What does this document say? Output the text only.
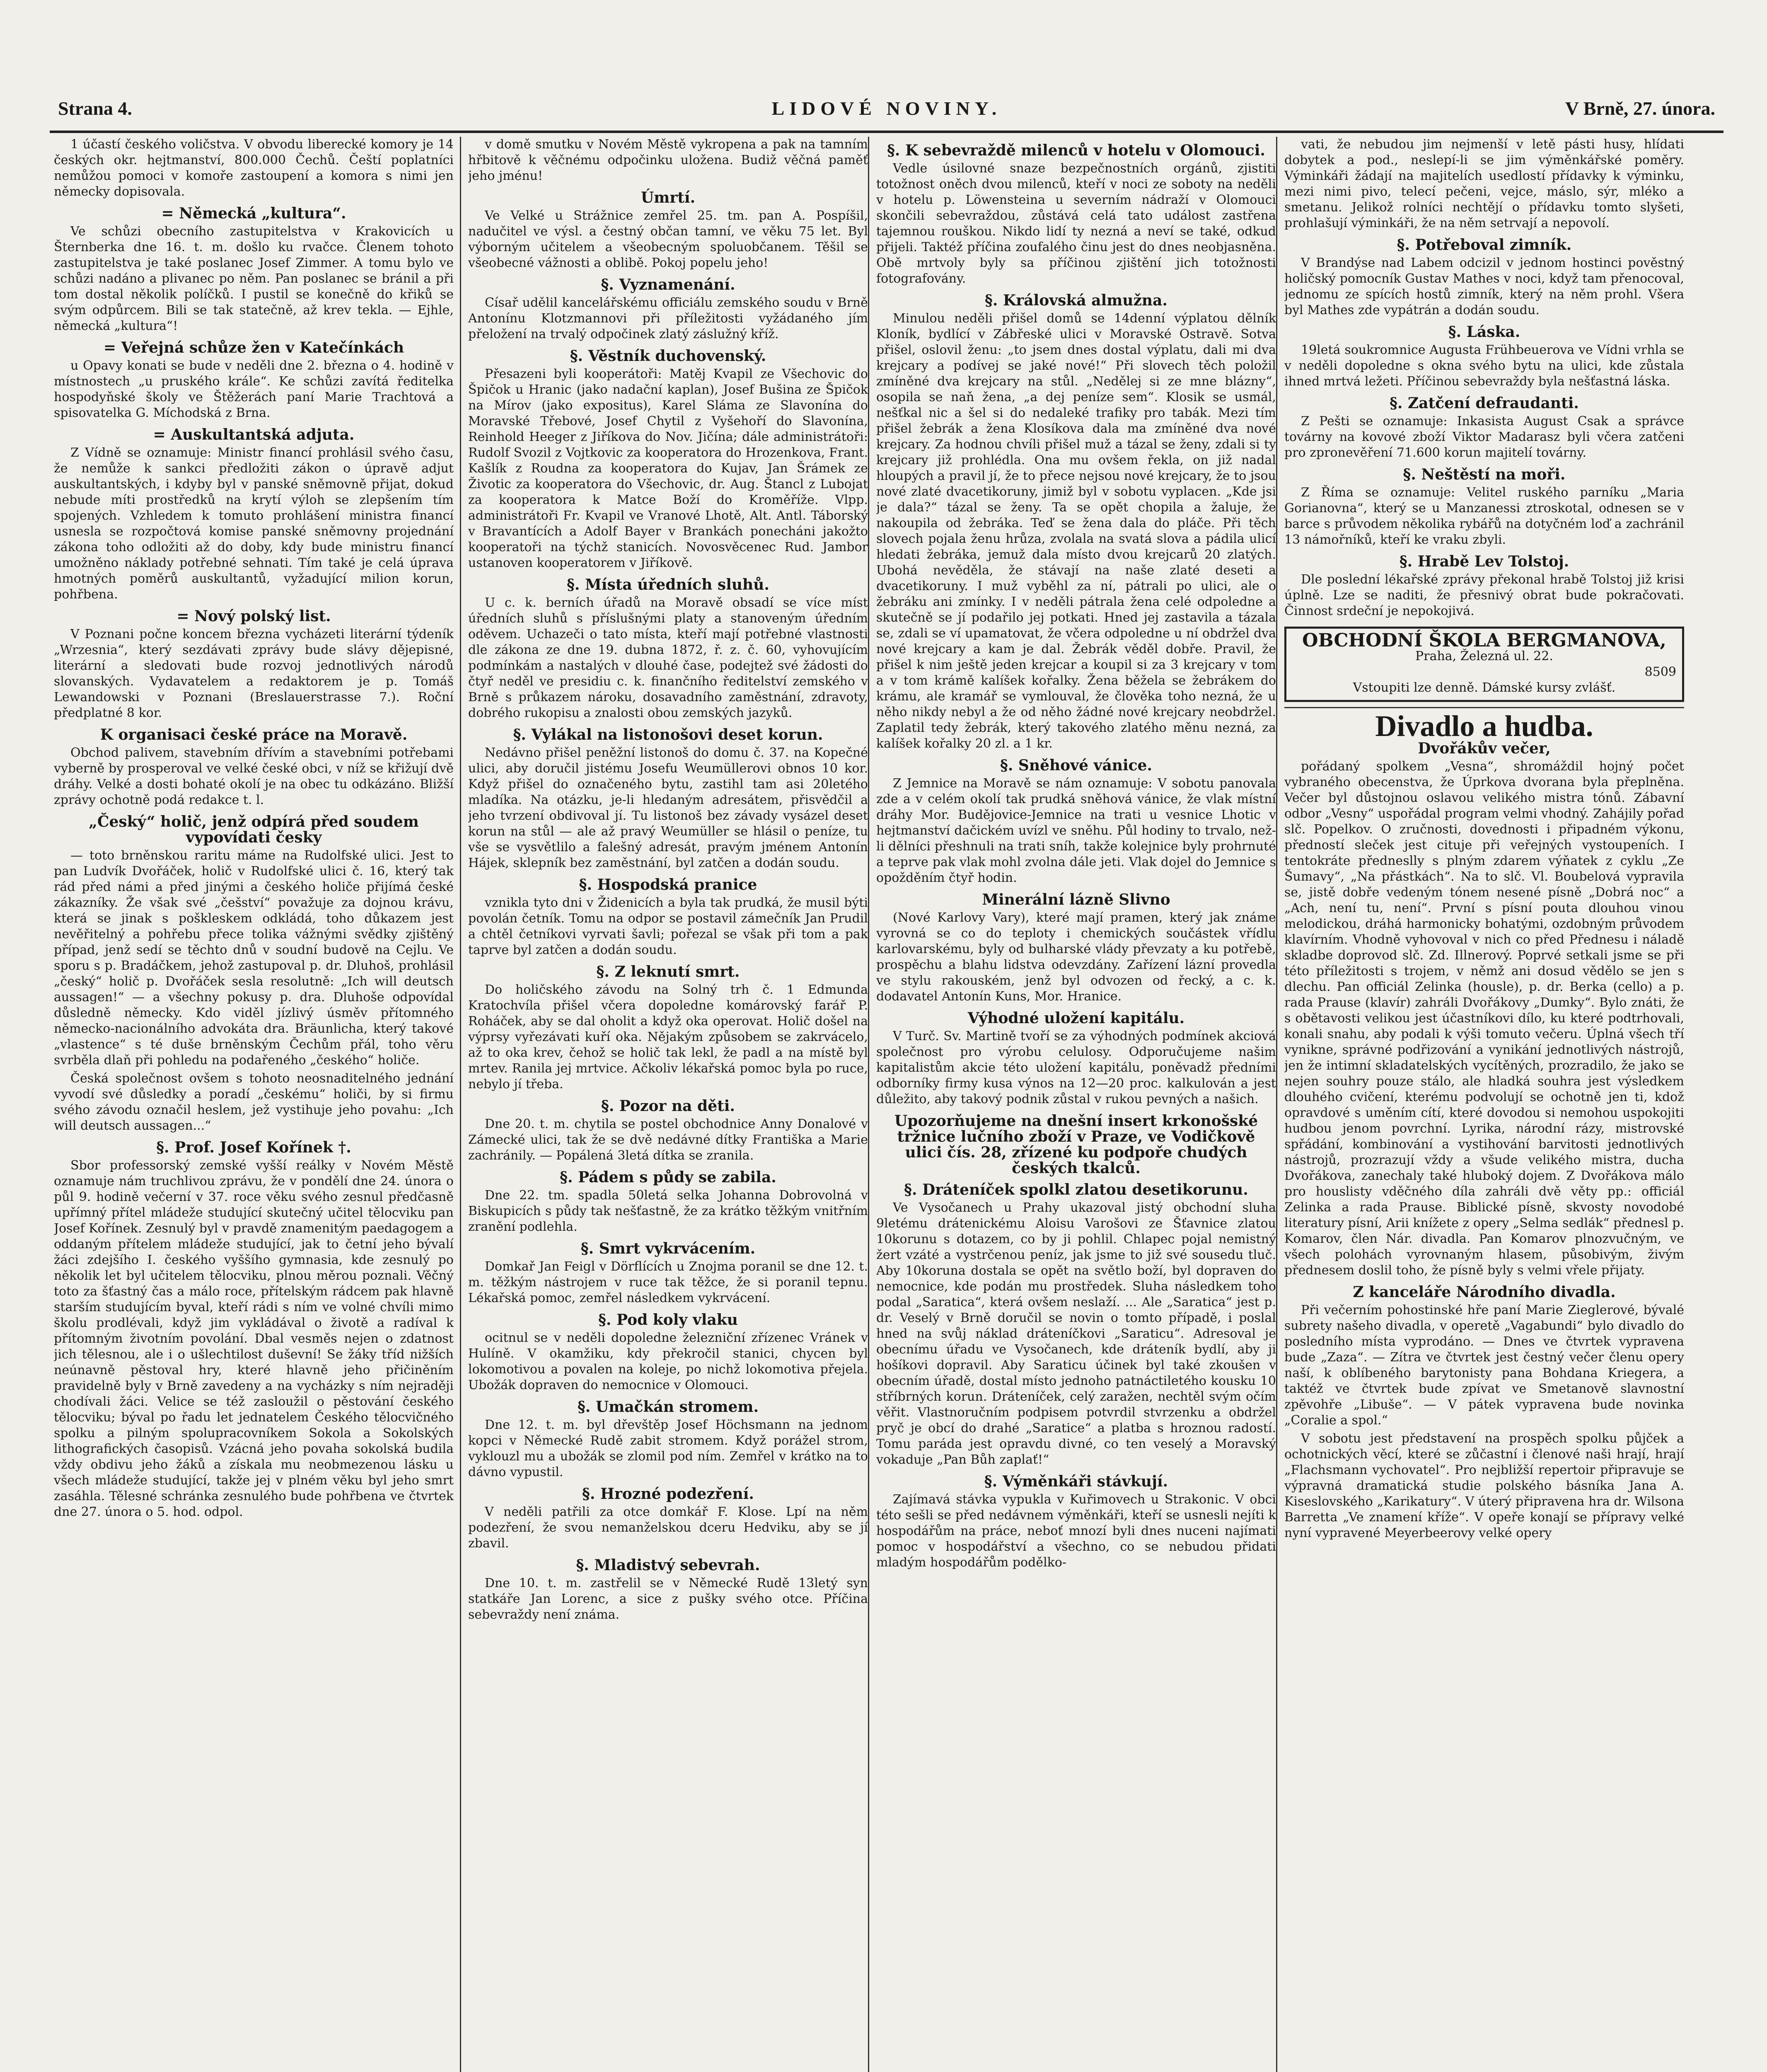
Strana 4.	LIDOVÉ NOVINY.	V Brně, 27. února.

1 účastí českého voličstva. V obvodu liberecké komory je 14 českých okr. hejtmanství, 800.000 Čechů. Čeští poplatníci nemůžou pomoci v komoře zastoupení a komora s nimi jen německy dopisovala.

= Německá „kultura“.

Ve schůzi obecního zastupitelstva v Krakovicích u Šternberka dne 16. t. m. došlo ku rvačce. Členem tohoto zastupitelstva je také poslanec Josef Zimmer. A tomu bylo ve schůzi nadáno a plivanec po něm. Pan poslanec se bránil a při tom dostal několik políčků. I pustil se konečně do křiků se svým odpůrcem. Bili se tak statečně, až krev tekla. — Ejhle, německá „kultura“!

= Veřejná schůze žen v Katečínkách

u Opavy konati se bude v neděli dne 2. března o 4. hodině v místnostech „u pruského krále“. Ke schůzi zavítá ředitelka hospodyňské školy ve Štěžerách paní Marie Trachtová a spisovatelka G. Míchodská z Brna.

= Auskultantská adjuta.

Z Vídně se oznamuje: Ministr financí prohlásil svého času, že nemůže k sankci předložiti zákon o úpravě adjut auskultantských, i kdyby byl v panské sněmovně přijat, dokud nebude míti prostředků na krytí výloh se zlepšením tím spojených. Vzhledem k tomuto prohlášení ministra financí usnesla se rozpočtová komise panské sněmovny projednání zákona toho odložiti až do doby, kdy bude ministru financí umožněno náklady potřebné sehnati. Tím také je celá úprava hmotných poměrů auskultantů, vyžadující milion korun, pohřbena.

= Nový polský list.

V Poznani počne koncem března vycházeti literární týdeník „Wrzesnia“, který sezdávati zprávy bude slávy dějepisné, literární a sledovati bude rozvoj jednotlivých národů slovanských. Vydavatelem a redaktorem je p. Tomáš Lewandowski v Poznani (Breslauerstrasse 7.). Roční předplatné 8 kor.

K organisaci české práce na Moravě.

Obchod palivem, stavebním dřívím a stavebními potřebami vyberně by prosperoval ve velké české obci, v níž se křižují dvě dráhy. Velké a dosti bohaté okolí je na obec tu odkázáno. Bližší zprávy ochotně podá redakce t. l.

„Český“ holič, jenž odpírá před soudem vypovídati česky

— toto brněnskou raritu máme na Rudolfské ulici. Jest to pan Ludvík Dvořáček, holič v Rudolfské ulici č. 16, který tak rád před námi a před jinými a českého holiče přijímá české zákazníky. Že však své „češství“ považuje za dojnou krávu, která se jinak s poškleskem odkládá, toho důkazem jest nevěřitelný a pohřebu přece tolika vážnými svědky zjištěný případ, jenž sedí se těchto dnů v soudní budově na Cejlu. Ve sporu s p. Bradáčkem, jehož zastupoval p. dr. Dluhoš, prohlásil „český“ holič p. Dvořáček sesla resolutně: „Ich will deutsch aussagen!“ — a všechny pokusy p. dra. Dluhoše odpovídal důsledně německy. Kdo viděl jízlivý úsměv přítomného německo-nacionálního advokáta dra. Bräunlicha, který takové „vlastence“ s té duše brněnským Čechům přál, toho věru svrběla dlaň při pohledu na podařeného „českého“ holiče.

Česká společnost ovšem s tohoto neosnaditelného jednání vyvodí své důsledky a poradí „českému“ holiči, by si firmu svého závodu označil heslem, jež vystihuje jeho povahu: „Ich will deutsch aussagen...“

§. Prof. Josef Kořínek †.

Sbor professorský zemské vyšší reálky v Novém Městě oznamuje nám truchlivou zprávu, že v pondělí dne 24. února o půl 9. hodině večerní v 37. roce věku svého zesnul předčasně upřímný přítel mládeže studující skutečný učitel tělocviku pan Josef Kořínek. Zesnulý byl v pravdě znamenitým paedagogem a oddaným přítelem mládeže studující, jak to četní jeho bývalí žáci zdejšího I. českého vyššího gymnasia, kde zesnulý po několik let byl učitelem tělocviku, plnou měrou poznali. Věčný toto za šťastný čas a málo roce, přítelským rádcem pak hlavně starším studujícím byval, kteří rádi s ním ve volné chvíli mimo školu prodlévali, když jim vykládával o životě a radíval k přítomným životním povolání. Dbal vesměs nejen o zdatnost jich tělesnou, ale i o ušlechtilost duševní! Se žáky tříd nižších neúnavně pěstoval hry, které hlavně jeho přičiněním pravidelně byly v Brně zavedeny a na vycházky s ním nejraději chodívali žáci. Velice se též zasloužil o pěstování českého tělocviku; býval po řadu let jednatelem Českého tělocvičného spolku a pilným spolupracovníkem Sokola a Sokolských lithografických časopisů. Vzácná jeho povaha sokolská budila vždy obdivu jeho žáků a získala mu neobmezenou lásku u všech mládeže studující, takže jej v plném věku byl jeho smrt zasáhla. Tělesné schránka zesnulého bude pohřbena ve čtvrtek dne 27. února o 5. hod. odpol.

v domě smutku v Novém Městě vykropena a pak na tamním hřbitově k věčnému odpočinku uložena. Budiž věčná paměť jeho jménu!

Úmrtí.

Ve Velké u Strážnice zemřel 25. tm. pan A. Pospíšil, nadučitel ve výsl. a čestný občan tamní, ve věku 75 let. Byl výborným učitelem a všeobecným spoluobčanem. Těšil se všeobecné vážnosti a oblibě. Pokoj popelu jeho!

§. Vyznamenání.

Císař udělil kancelářskému officiálu zemského soudu v Brně Antonínu Klotzmannovi při příležitosti vyžádaného jím přeložení na trvalý odpočinek zlatý záslužný kříž.

§. Věstník duchovenský.

Přesazeni byli kooperátoři: Matěj Kvapil ze Všechovic do Špičok u Hranic (jako nadační kaplan), Josef Bušina ze Špičok na Mírov (jako expositus), Karel Sláma ze Slavonína do Moravské Třebové, Josef Chytil z Vyšehoří do Slavonína, Reinhold Heeger z Jiříkova do Nov. Jičína; dále administrátoři: Rudolf Svozil z Vojtkovic za kooperatora do Hrozenkova, Frant. Kašlík z Roudna za kooperatora do Kujav, Jan Šrámek ze Životic za kooperatora do Všechovic, dr. Aug. Štancl z Lubojat za kooperatora k Matce Boží do Kroměříže. Vlpp. administrátoři Fr. Kvapil ve Vranové Lhotě, Alt. Antl. Táborský v Bravantících a Adolf Bayer v Brankách ponecháni jakožto kooperatoři na týchž stanicích. Novosvěcenec Rud. Jambor ustanoven kooperatorem v Jiříkově.

§. Místa úředních sluhů.

U c. k. berních úřadů na Moravě obsadí se více míst úředních sluhů s příslušnými platy a stanoveným úředním oděvem. Uchazeči o tato místa, kteří mají potřebné vlastnosti dle zákona ze dne 19. dubna 1872, ř. z. č. 60, vyhovujícím podmínkám a nastalých v dlouhé čase, podejtež své žádosti do čtyř neděl ve presidiu c. k. finančního ředitelství zemského v Brně s průkazem nároku, dosavadního zaměstnání, zdravoty, dobrého rukopisu a znalosti obou zemských jazyků.

§. Vylákal na listonošovi deset korun.

Nedávno přišel peněžní listonoš do domu č. 37. na Kopečné ulici, aby doručil jistému Josefu Weumüllerovi obnos 10 kor. Když přišel do označeného bytu, zastihl tam asi 20letého mladíka. Na otázku, je-li hledaným adresátem, přisvědčil a jeho tvrzení obdivoval jí. Tu listonoš bez závady vysázel deset korun na stůl — ale až pravý Weumüller se hlásil o peníze, tu vše se vysvětlilo a falešný adresát, pravým jménem Antonín Hájek, sklepník bez zaměstnání, byl zatčen a dodán soudu.

§. Hospodská pranice

vznikla tyto dni v Židenicích a byla tak prudká, že musil býti povolán četník. Tomu na odpor se postavil zámečník Jan Prudil a chtěl četníkovi vyrvati šavli; pořezal se však při tom a pak taprve byl zatčen a dodán soudu.

§. Z leknutí smrt.

Do holičského závodu na Solný trh č. 1 Edmunda Kratochvíla přišel včera dopoledne komárovský farář P. Roháček, aby se dal oholit a když oka operovat. Holič došel na výprsy vyřezávati kuří oka. Nějakým způsobem se zakrvácelo, až to oka krev, čehož se holič tak lekl, že padl a na místě byl mrtev. Ranila jej mrtvice. Ačkoliv lékařská pomoc byla po ruce, nebylo jí třeba.

§. Pozor na děti.

Dne 20. t. m. chytila se postel obchodnice Anny Donalové v Zámecké ulici, tak že se dvě nedávné dítky Františka a Marie zachránily. — Popálená 3letá dítka se zranila.

§. Pádem s půdy se zabila.

Dne 22. tm. spadla 50letá selka Johanna Dobrovolná v Biskupicích s půdy tak nešťastně, že za krátko těžkým vnitřním zranění podlehla.

§. Smrt vykrvácením.

Domkař Jan Feigl v Dörflících u Znojma poranil se dne 12. t. m. těžkým nástrojem v ruce tak těžce, že si poranil tepnu. Lékařská pomoc, zemřel následkem vykrvácení.

§. Pod koly vlaku

ocitnul se v neděli dopoledne železniční zřízenec Vránek v Hulíně. V okamžiku, kdy překročil stanici, chycen byl lokomotivou a povalen na koleje, po nichž lokomotiva přejela. Ubožák dopraven do nemocnice v Olomouci.

§. Umačkán stromem.

Dne 12. t. m. byl dřevštěp Josef Höchsmann na jednom kopci v Německé Rudě zabit stromem. Když porážel strom, vyklouzl mu a ubožák se zlomil pod ním. Zemřel v krátko na to dávno vypustil.

§. Hrozné podezření.

V neděli patřili za otce domkář F. Klose. Lpí na něm podezření, že svou nemanželskou dceru Hedviku, aby se jí zbavil.

§. Mladistvý sebevrah.

Dne 10. t. m. zastřelil se v Německé Rudě 13letý syn statkáře Jan Lorenc, a sice z pušky svého otce. Příčina sebevraždy není známa.

§. K sebevraždě milenců v hotelu v Olomouci.

Vedle úsilovné snaze bezpečnostních orgánů, zjistiti totožnost oněch dvou milenců, kteří v noci ze soboty na neděli v hotelu p. Löwensteina u severním nádraží v Olomouci skončili sebevraždou, zůstává celá tato událost zastřena tajemnou rouškou. Nikdo lidí ty nezná a neví se také, odkud přijeli. Taktéž příčina zoufalého činu jest do dnes neobjasněna. Obě mrtvoly byly sa příčinou zjištění jich totožnosti fotografovány.

§. Královská almužna.

Minulou neděli přišel domů se 14denní výplatou dělník Kloník, bydlící v Zábřeské ulici v Moravské Ostravě. Sotva přišel, oslovil ženu: „to jsem dnes dostal výplatu, dali mi dva krejcary a podívej se jaké nové!“ Při slovech těch položil zmíněné dva krejcary na stůl. „Nedělej si ze mne blázny“, osopila se naň žena, „a dej peníze sem“. Klosik se usmál, nešťkal nic a šel si do nedaleké trafiky pro tabák. Mezi tím přišel žebrák a žena Klosíkova dala ma zmíněné dva nové krejcary. Za hodnou chvíli přišel muž a tázal se ženy, zdali si ty krejcary již prohlédla. Ona mu ovšem řekla, on již nadal hloupých a pravil jí, že to přece nejsou nové krejcary, že to jsou nové zlaté dvacetikoruny, jimiž byl v sobotu vyplacen. „Kde jsi je dala?“ tázal se ženy. Ta se opět chopila a žaluje, že nakoupila od žebráka. Teď se žena dala do pláče. Při těch slovech pojala ženu hrůza, zvolala na svatá slova a pádila ulicí hledati žebráka, jemuž dala místo dvou krejcarů 20 zlatých. Ubohá nevěděla, že stávají na naše zlaté deseti a dvacetikoruny. I muž vyběhl za ní, pátrali po ulici, ale o žebráku ani zmínky. I v neděli pátrala žena celé odpoledne a skutečně se jí podařilo jej potkati. Hned jej zastavila a tázala se, zdali se ví upamatovat, že včera odpoledne u ní obdržel dva nové krejcary a kam je dal. Žebrák věděl dobře. Pravil, že přišel k nim ještě jeden krejcar a koupil si za 3 krejcary v tom a v tom krámě kalíšek kořalky. Žena běžela se žebrákem do krámu, ale kramář se vymlouval, že člověka toho nezná, že u něho nikdy nebyl a že od něho žádné nové krejcary neobdržel. Zaplatil tedy žebrák, který takového zlatého měnu nezná, za kalíšek kořalky 20 zl. a 1 kr.

§. Sněhové vánice.

Z Jemnice na Moravě se nám oznamuje: V sobotu panovala zde a v celém okolí tak prudká sněhová vánice, že vlak místní dráhy Mor. Budějovice-Jemnice na trati u vesnice Lhotic v hejtmanství dačickém uvízl ve sněhu. Půl hodiny to trvalo, než-li dělníci přeshnuli na trati sníh, takže kolejnice byly prohrnuté a teprve pak vlak mohl zvolna dále jeti. Vlak dojel do Jemnice s opožděním čtyř hodin.

Minerální lázně Slivno

(Nové Karlovy Vary), které mají pramen, který jak známe vyrovná se co do teploty i chemických součástek vřídlu karlovarskému, byly od bulharské vlády převzaty a ku potřebě, prospěchu a blahu lidstva odevzdány. Zařízení lázní provedla ve stylu rakouském, jenž byl odvozen od řecký, a c. k. dodavatel Antonín Kuns, Mor. Hranice.

Výhodné uložení kapitálu.

V Turč. Sv. Martině tvoří se za výhodných podmínek akciová společnost pro výrobu celulosy. Odporučujeme našim kapitalistům akcie této uložení kapitálu, poněvadž předními odborníky firmy kusa výnos na 12—20 proc. kalkulován a jest důležito, aby takový podnik zůstal v rukou pevných a našich.

Upozorňujeme na dnešní insert krkonošské tržnice lučního zboží v Praze, ve Vodičkově ulici čís. 28, zřízené ku podpoře chudých českých tkalců.
§. Dráteníček spolkl zlatou desetikorunu.

Ve Vysočanech u Prahy ukazoval jistý obchodní sluha 9letému drátenickému Aloisu Varošovi ze Šťavnice zlatou 10korunu s dotazem, co by ji pohlil. Chlapec pojal nemistný žert vzáté a vystrčenou peníz, jak jsme to již své sousedu tluč. Aby 10koruna dostala se opět na světlo boží, byl dopraven do nemocnice, kde podán mu prostředek. Sluha následkem toho podal „Saratica“, která ovšem neslaží. ... Ale „Saratica“ jest p. dr. Veselý v Brně doručil se novin o tomto případě, i poslal hned na svůj náklad dráteníčkovi „Saraticu“. Adresoval je obecnímu úřadu ve Vysočanech, kde dráteník bydlí, aby ji hošíkovi dopravil. Aby Saraticu účinek byl také zkoušen v obecním úřadě, dostal místo jednoho patnáctiletého kousku 10 stříbrných korun. Dráteníček, celý zaražen, nechtěl svým očím věřit. Vlastnoručním podpisem potvrdil stvrzenku a obdržel pryč je obcí do drahé „Saratice“ a platba s hroznou radostí. Tomu paráda jest opravdu divné, co ten veselý a Moravský vokaduje „Pan Bůh zaplať!“

§. Výměnkáři stávkují.

Zajímavá stávka vypukla v Kuřimovech u Strakonic. V obci této sešli se před nedávnem výměnkáři, kteří se usnesli nejíti k hospodářům na práce, neboť mnozí byli dnes nuceni najímati pomoc v hospodářství a všechno, co se nebudou přidati mladým hospodářům podělko-

vati, že nebudou jim nejmenší v letě pásti husy, hlídati dobytek a pod., neslepí-li se jim výměnkářské poměry. Výminkáři žádají na majitelích usedlostí přídavky k výminku, mezi nimi pivo, telecí pečeni, vejce, máslo, sýr, mléko a smetanu. Jelikož rolníci nechtějí o přídavku tomto slyšeti, prohlašují výminkáři, že na něm setrvají a nepovolí.

§. Potřeboval zimník.

V Brandýse nad Labem odcizil v jednom hostinci pověstný holičský pomocník Gustav Mathes v noci, když tam přenocoval, jednomu ze spících hostů zimník, který na něm prohl. Všera byl Mathes zde vypátrán a dodán soudu.

§. Láska.

19letá soukromnice Augusta Frühbeuerova ve Vídni vrhla se v neděli dopoledne s okna svého bytu na ulici, kde zůstala ihned mrtvá ležeti. Příčinou sebevraždy byla nešťastná láska.

§. Zatčení defraudanti.

Z Pešti se oznamuje: Inkasista August Csak a správce továrny na kovové zboží Viktor Madarasz byli včera zatčeni pro zpronevěření 71.600 korun majitelí továrny.

§. Neštěstí na moři.

Z Říma se oznamuje: Velitel ruského parníku „Maria Gorianovna“, který se u Manzanessi ztroskotal, odnesen se v barce s průvodem několika rybářů na dotyčném loď a zachránil 13 námořníků, kteří ke vraku zbyli.

§. Hrabě Lev Tolstoj.

Dle poslední lékařské zprávy překonal hrabě Tolstoj již krisi úplně. Lze se naditi, že přesnivý obrat bude pokračovati. Činnost srdeční je nepokojivá.

OBCHODNÍ ŠKOLA BERGMANOVA,
Praha, Železná ul. 22.
8509
Vstoupiti lze denně. Dámské kursy zvlášť.
Divadlo a hudba.
Dvořákův večer,

pořádaný spolkem „Vesna“, shromáždil hojný počet vybraného obecenstva, že Úprkova dvorana byla přeplněna. Večer byl důstojnou oslavou velikého mistra tónů. Zábavní odbor „Vesny“ uspořádal program velmi vhodný. Zahájily pořad slč. Popelkov. O zručnosti, dovednosti i připadném výkonu, předností sleček jest cituje při veřejných vystoupeních. I tentokráte předneslly s plným zdarem výňatek z cyklu „Ze Šumavy“, „Na přástkách“. Na to slč. Vl. Boubelová vypravila se, jistě dobře vedeným tónem nesené písně „Dobrá noc“ a „Ach, není tu, není“. První s písní pouta dlouhou vinou melodickou, dráhá harmonicky bohatými, ozdobným průvodem klavírním. Vhodně vyhovoval v nich co před Přednesu i náladě skladbe doprovod slč. Zd. Illnerový. Poprvé setkali jsme se při této příležitosti s trojem, v němž ani dosud vědělo se jen s dlechu. Pan officiál Zelinka (housle), p. dr. Berka (cello) a p. rada Prause (klavír) zahráli Dvořákovy „Dumky“. Bylo znáti, že s obětavosti velikou jest účastníkovi dílo, ku které podtrhovali, konali snahu, aby podali k výši tomuto večeru. Úplná všech tří vynikne, správné podřizování a vynikání jednotlivých nástrojů, jen že intimní skladatelských vycítěných, prozradilo, že jako se nejen souhry pouze stálo, ale hladká souhra jest výsledkem dlouhého cvičení, kterému podvolují se ochotně jen ti, kdož opravdové s uměním cítí, které dovodou si nemohou uspokojiti hudbou jenom povrchní. Lyrika, národní rázy, mistrovské spřádání, kombinování a vystihování barvitosti jednotlivých nástrojů, prozrazují vždy a všude velikého mistra, ducha Dvořákova, zanechaly také hluboký dojem. Z Dvořákova málo pro houslisty vděčného díla zahráli dvě věty pp.: officiál Zelinka a rada Prause. Biblické písně, skvosty novodobé literatury písní, Arii knížete z opery „Selma sedlák“ přednesl p. Komarov, člen Nár. divadla. Pan Komarov plnozvučným, ve všech polohách vyrovnaným hlasem, působivým, živým přednesem doslil toho, že písně byly s velmi vřele přijaty.

Z kanceláře Národního divadla.

Při večerním pohostinské hře paní Marie Zieglerové, bývalé subrety našeho divadla, v operetě „Vagabundi“ bylo divadlo do posledního místa vyprodáno. — Dnes ve čtvrtek vypravena bude „Zaza“. — Zítra ve čtvrtek jest čestný večer členu opery naší, k oblíbeného barytonisty pana Bohdana Kriegera, a taktéž ve čtvrtek bude zpívat ve Smetanově slavnostní zpěvohře „Libuše“. — V pátek vypravena bude novinka „Coralie a spol.“

V sobotu jest představení na prospěch spolku půjček a ochotnických věcí, které se zůčastní i členové naši hrají, hrají „Flachsmann vychovatel“. Pro nejbližší repertoir připravuje se výpravná dramatická studie polského básníka Jana A. Kiseslovského „Karikatury“. V úterý připravena hra dr. Wilsona Barretta „Ve znamení kříže“. V opeře konají se přípravy velké nyní vypravené Meyerbeerovy velké opery
